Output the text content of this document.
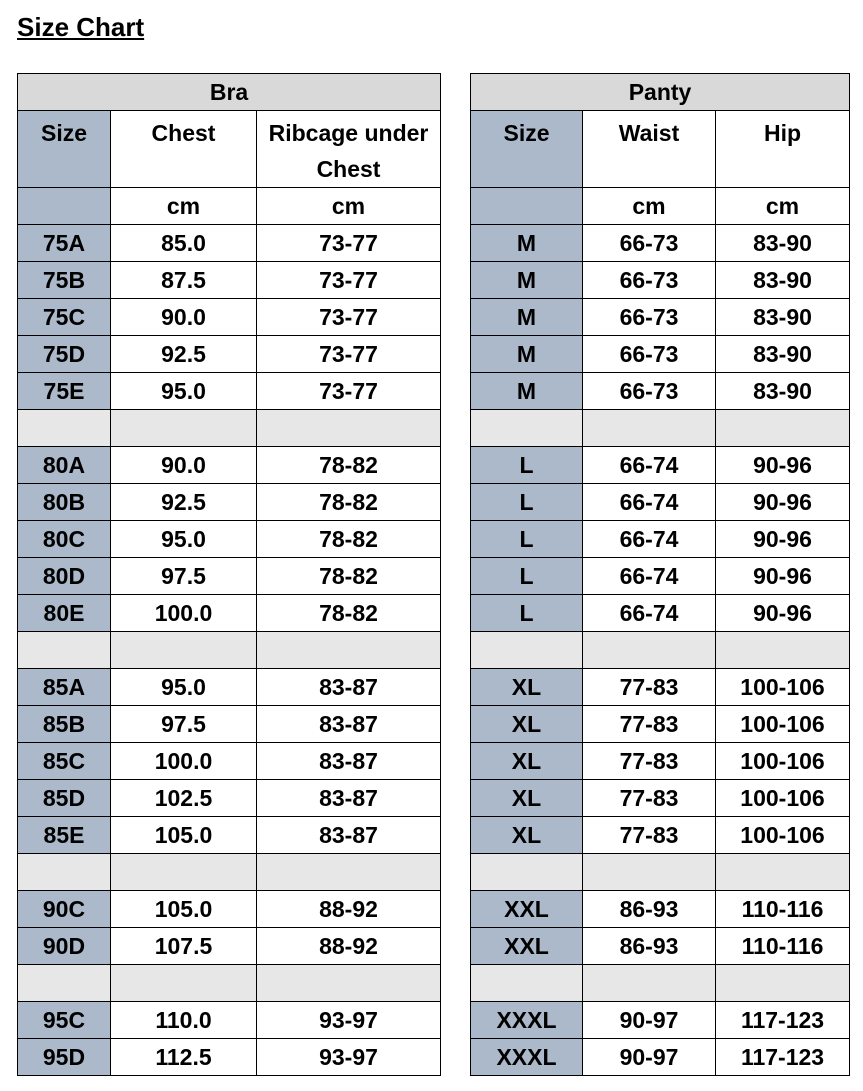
Size Chart
Bra		
Size	Chest	Ribcage under Chest
	cm	cm
75A	85.0	73-77
75B	87.5	73-77
75C	90.0	73-77
75D	92.5	73-77
75E	95.0	73-77

80A	90.0	78-82
80B	92.5	78-82
80C	95.0	78-82
80D	97.5	78-82
80E	100.0	78-82

85A	95.0	83-87
85B	97.5	83-87
85C	100.0	83-87
85D	102.5	83-87
85E	105.0	83-87

90C	105.0	88-92
90D	107.5	88-92

95C	110.0	93-97
95D	112.5	93-97
Panty		
Size	Waist	Hip
	cm	cm
M	66-73	83-90
M	66-73	83-90
M	66-73	83-90
M	66-73	83-90
M	66-73	83-90

L	66-74	90-96
L	66-74	90-96
L	66-74	90-96
L	66-74	90-96
L	66-74	90-96

XL	77-83	100-106
XL	77-83	100-106
XL	77-83	100-106
XL	77-83	100-106
XL	77-83	100-106

XXL	86-93	110-116
XXL	86-93	110-116

XXXL	90-97	117-123
XXXL	90-97	117-123
